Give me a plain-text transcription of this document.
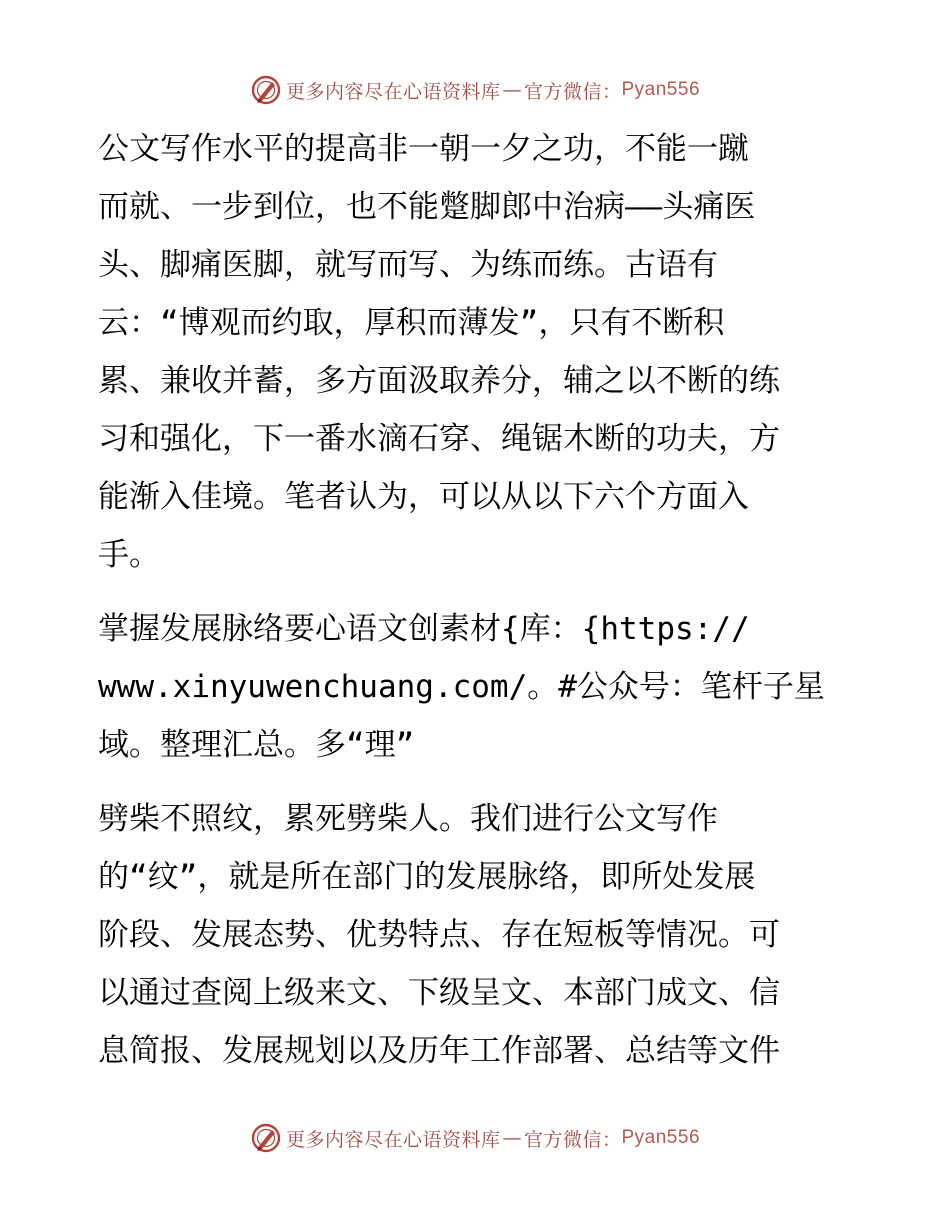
更多内容尽在心语资料库 — 官方微信： Pyan556

公文写作水平的提高非一朝一夕之功，不能一蹴
而就、一步到位，也不能蹩脚郎中治病——头痛医
头、脚痛医脚，就写而写、为练而练。古语有
云：“博观而约取，厚积而薄发”，只有不断积
累、兼收并蓄，多方面汲取养分，辅之以不断的练
习和强化，下一番水滴石穿、绳锯木断的功夫，方
能渐入佳境。笔者认为，可以从以下六个方面入
手。

掌握发展脉络要心语文创素材{库：{https://
www.xinyuwenchuang.com/。#公众号：笔杆子星
域。整理汇总。多“理”

劈柴不照纹，累死劈柴人。我们进行公文写作
的“纹”，就是所在部门的发展脉络，即所处发展
阶段、发展态势、优势特点、存在短板等情况。可
以通过查阅上级来文、下级呈文、本部门成文、信
息简报、发展规划以及历年工作部署、总结等文件

更多内容尽在心语资料库 — 官方微信： Pyan556
